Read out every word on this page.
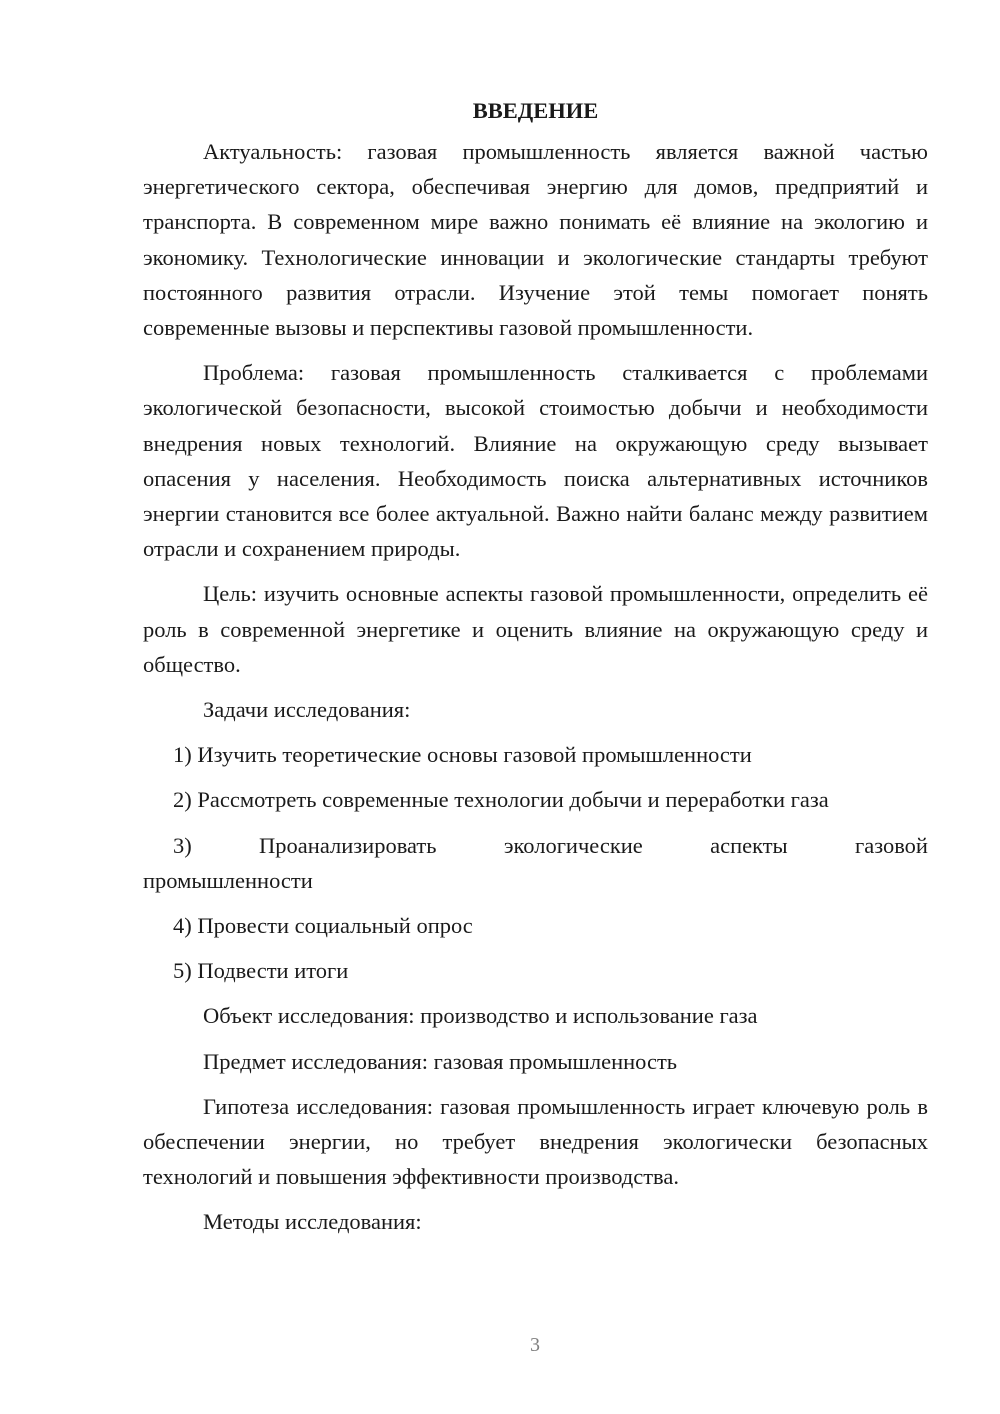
ВВЕДЕНИЕ

Актуальность: газовая промышленность является важной частью энергетического сектора, обеспечивая энергию для домов, предприятий и транспорта. В современном мире важно понимать её влияние на экологию и экономику. Технологические инновации и экологические стандарты требуют постоянного развития отрасли. Изучение этой темы помогает понять современные вызовы и перспективы газовой промышленности.

Проблема: газовая промышленность сталкивается с проблемами экологической безопасности, высокой стоимостью добычи и необходимости внедрения новых технологий. Влияние на окружающую среду вызывает опасения у населения. Необходимость поиска альтернативных источников энергии становится все более актуальной. Важно найти баланс между развитием отрасли и сохранением природы.

Цель: изучить основные аспекты газовой промышленности, определить её роль в современной энергетике и оценить влияние на окружающую среду и общество.

Задачи исследования:

1) Изучить теоретические основы газовой промышленности

2) Рассмотреть современные технологии добычи и переработки газа

3)	Проанализировать	экологические	аспекты	газовой
промышленности

4) Провести социальный опрос

5) Подвести итоги

Объект исследования: производство и использование газа

Предмет исследования: газовая промышленность

Гипотеза исследования: газовая промышленность играет ключевую роль в обеспечении энергии, но требует внедрения экологически безопасных технологий и повышения эффективности производства.

Методы исследования:

3
